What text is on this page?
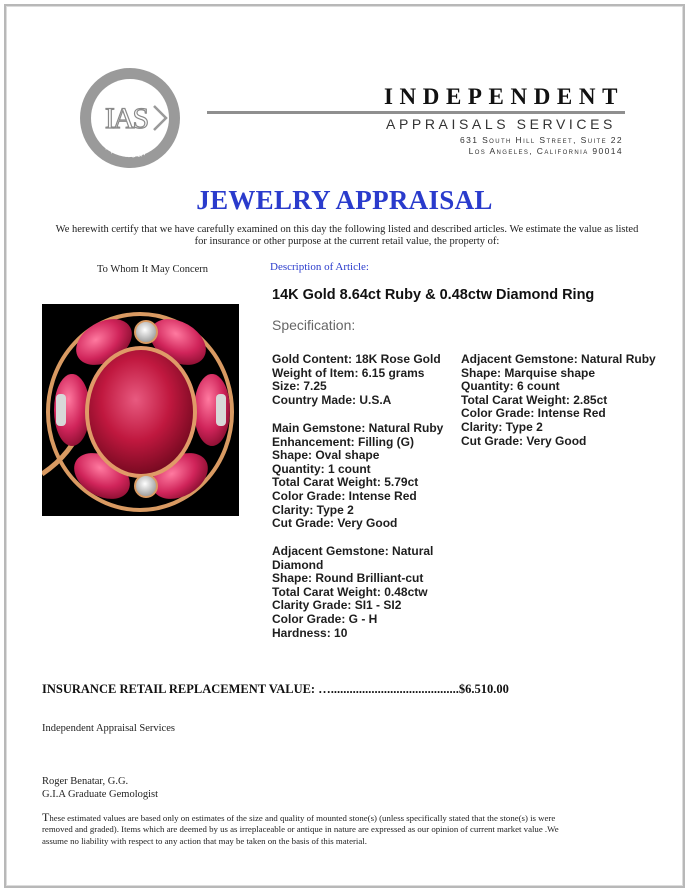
IAS
Appraisal
INDEPENDENT
APPRAISALS SERVICES
631 South Hill Street, Suite 22
Los Angeles, California 90014
JEWELRY APPRAISAL
We herewith certify that we have carefully examined on this day the following listed and described articles. We estimate the value as listed for insurance or other purpose at the current retail value, the property of:
To Whom It May Concern	Description of Article:
14K Gold 8.64ct Ruby & 0.48ctw Diamond Ring
Specification:
Gold Content: 18K Rose Gold
Weight of Item: 6.15 grams
Size: 7.25
Country Made: U.S.A
Main Gemstone: Natural Ruby
Enhancement: Filling (G)
Shape: Oval shape
Quantity: 1 count
Total Carat Weight: 5.79ct
Color Grade: Intense Red
Clarity: Type 2
Cut Grade: Very Good
Adjacent Gemstone: Natural Diamond
Shape: Round Brilliant-cut
Total Carat Weight: 0.48ctw
Clarity Grade: SI1 - SI2
Color Grade: G - H
Hardness: 10
Adjacent Gemstone: Natural Ruby
Shape: Marquise shape
Quantity: 6 count
Total Carat Weight: 2.85ct
Color Grade: Intense Red
Clarity: Type 2
Cut Grade: Very Good
INSURANCE RETAIL REPLACEMENT VALUE: ….........................................$6.510.00
Independent Appraisal Services
Roger Benatar, G.G.
G.I.A Graduate Gemologist
These estimated values are based only on estimates of the size and quality of mounted stone(s) (unless specifically stated that the stone(s) is were removed and graded). Items which are deemed by us as irreplaceable or antique in nature are expressed as our opinion of current market value .We assume no liability with respect to any action that may be taken on the basis of this material.
